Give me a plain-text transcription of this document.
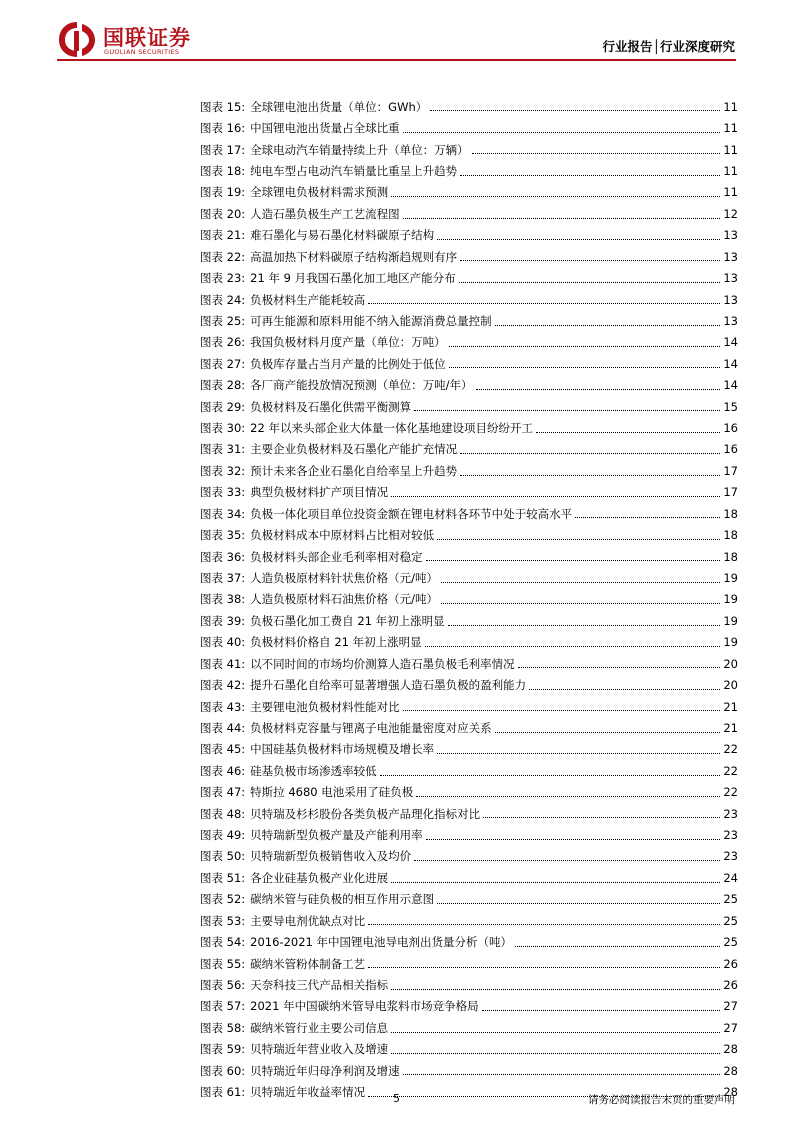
国联证券
GUOLIAN SECURITIES	行业报告│行业深度研究
图表 15: 全球锂电池出货量（单位：GWh）	11
图表 16: 中国锂电池出货量占全球比重	11
图表 17: 全球电动汽车销量持续上升（单位：万辆）	11
图表 18: 纯电车型占电动汽车销量比重呈上升趋势	11
图表 19: 全球锂电负极材料需求预测	11
图表 20: 人造石墨负极生产工艺流程图	12
图表 21: 难石墨化与易石墨化材料碳原子结构	13
图表 22: 高温加热下材料碳原子结构渐趋规则有序	13
图表 23: 21 年 9 月我国石墨化加工地区产能分布	13
图表 24: 负极材料生产能耗较高	13
图表 25: 可再生能源和原料用能不纳入能源消费总量控制	13
图表 26: 我国负极材料月度产量（单位：万吨）	14
图表 27: 负极库存量占当月产量的比例处于低位	14
图表 28: 各厂商产能投放情况预测（单位：万吨/年）	14
图表 29: 负极材料及石墨化供需平衡测算	15
图表 30: 22 年以来头部企业大体量一体化基地建设项目纷纷开工	16
图表 31: 主要企业负极材料及石墨化产能扩充情况	16
图表 32: 预计未来各企业石墨化自给率呈上升趋势	17
图表 33: 典型负极材料扩产项目情况	17
图表 34: 负极一体化项目单位投资金额在锂电材料各环节中处于较高水平	18
图表 35: 负极材料成本中原材料占比相对较低	18
图表 36: 负极材料头部企业毛利率相对稳定	18
图表 37: 人造负极原材料针状焦价格（元/吨）	19
图表 38: 人造负极原材料石油焦价格（元/吨）	19
图表 39: 负极石墨化加工费自 21 年初上涨明显	19
图表 40: 负极材料价格自 21 年初上涨明显	19
图表 41: 以不同时间的市场均价测算人造石墨负极毛利率情况	20
图表 42: 提升石墨化自给率可显著增强人造石墨负极的盈利能力	20
图表 43: 主要锂电池负极材料性能对比	21
图表 44: 负极材料克容量与锂离子电池能量密度对应关系	21
图表 45: 中国硅基负极材料市场规模及增长率	22
图表 46: 硅基负极市场渗透率较低	22
图表 47: 特斯拉 4680 电池采用了硅负极	22
图表 48: 贝特瑞及杉杉股份各类负极产品理化指标对比	23
图表 49: 贝特瑞新型负极产量及产能利用率	23
图表 50: 贝特瑞新型负极销售收入及均价	23
图表 51: 各企业硅基负极产业化进展	24
图表 52: 碳纳米管与硅负极的相互作用示意图	25
图表 53: 主要导电剂优缺点对比	25
图表 54: 2016-2021 年中国锂电池导电剂出货量分析（吨）	25
图表 55: 碳纳米管粉体制备工艺	26
图表 56: 天奈科技三代产品相关指标	26
图表 57: 2021 年中国碳纳米管导电浆料市场竞争格局	27
图表 58: 碳纳米管行业主要公司信息	27
图表 59: 贝特瑞近年营业收入及增速	28
图表 60: 贝特瑞近年归母净利润及增速	28
图表 61: 贝特瑞近年收益率情况	28
5	请务必阅读报告末页的重要声明
